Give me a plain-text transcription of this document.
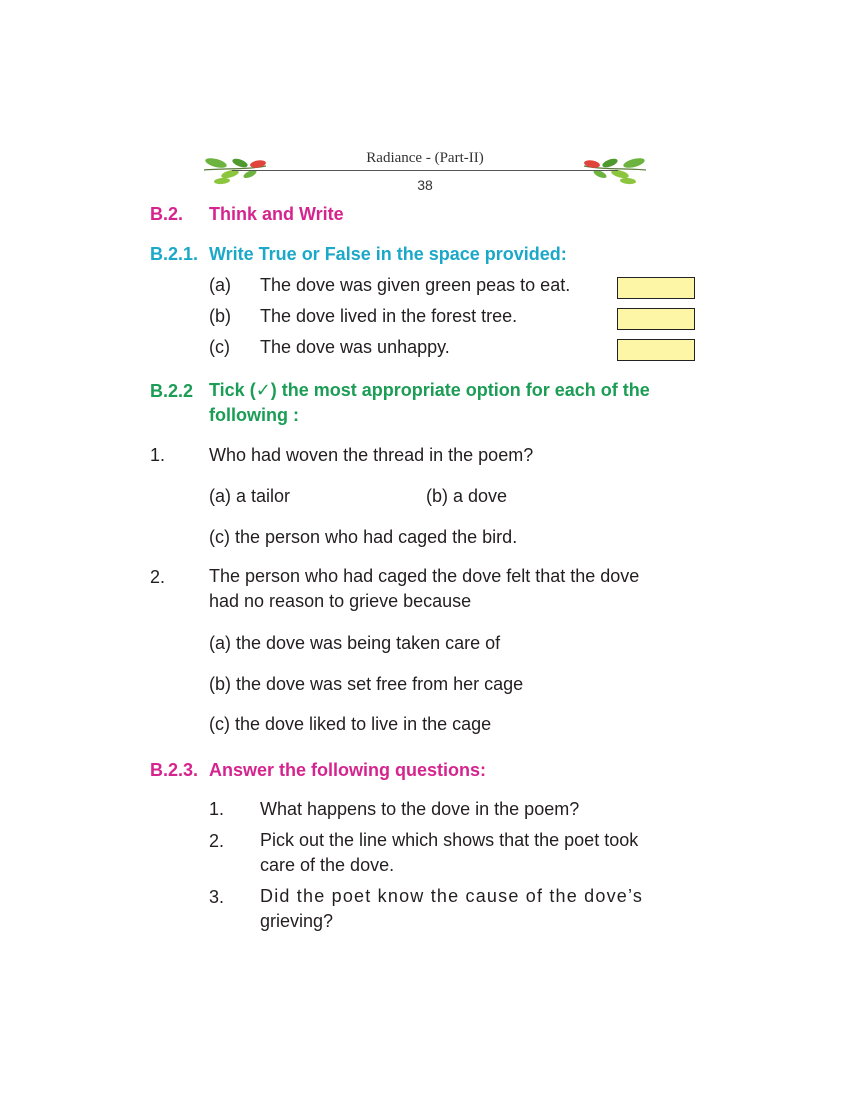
Radiance - (Part-II)
38
B.2. Think and Write
B.2.1. Write True or False in the space provided:
(a) The dove was given green peas to eat.
(b) The dove lived in the forest tree.
(c) The dove was unhappy.
B.2.2 Tick (✓) the most appropriate option for each of the
following :
1. Who had woven the thread in the poem?
(a) a tailor	(b) a dove
(c) the person who had caged the bird.
2. The person who had caged the dove felt that the dove
had no reason to grieve because
(a) the dove was being taken care of
(b) the dove was set free from her cage
(c) the dove liked to live in the cage
B.2.3. Answer the following questions:
1. What happens to the dove in the poem?
2. Pick out the line which shows that the poet took
care of the dove.
3. Did the poet know the cause of the dove’s
grieving?
